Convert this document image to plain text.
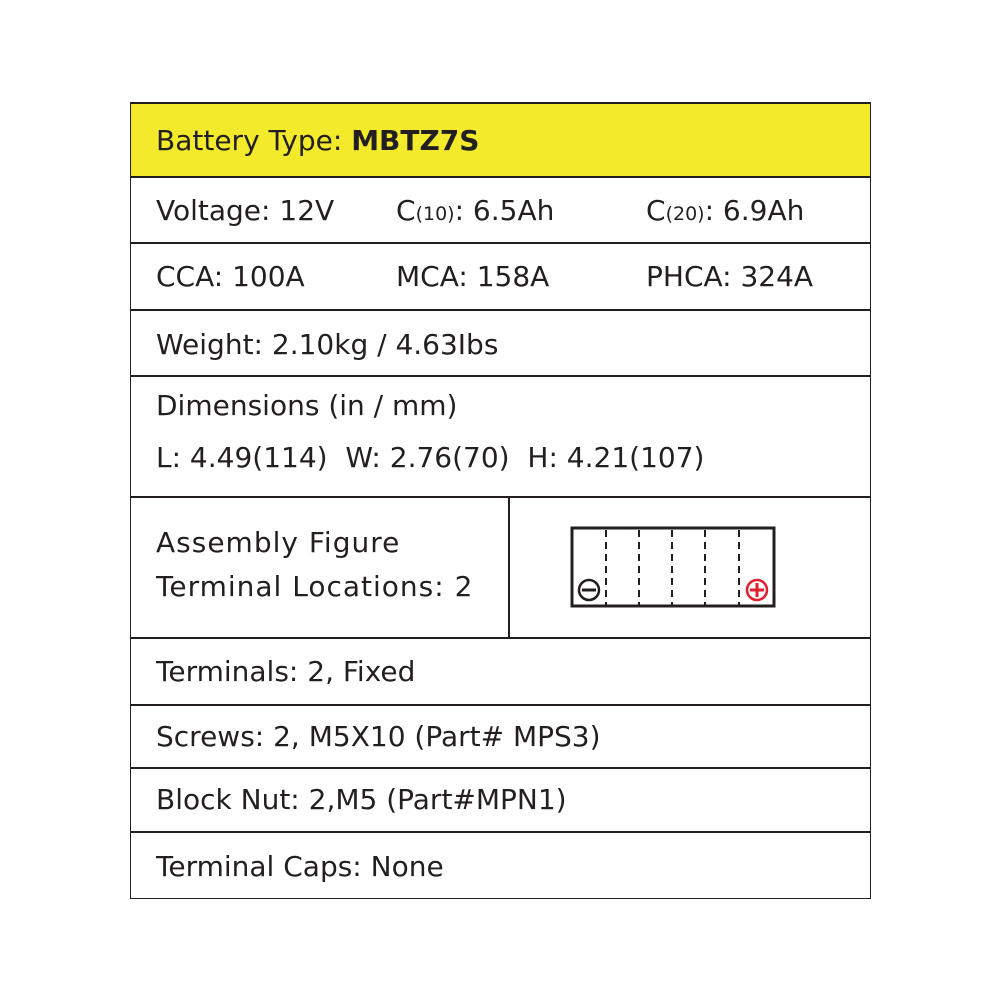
Battery Type: MBTZ7S
Voltage: 12V C(10): 6.5Ah	C(20): 6.9Ah
CCA: 100A	MCA: 158A	PHCA: 324A
Weight: 2.10kg / 4.63Ibs
Dimensions (in / mm)
L: 4.49(114) W: 2.76(70) H: 4.21(107)
Assembly Figure
Terminal Locations: 2
Terminals: 2, Fixed
Screws: 2, M5X10 (Part# MPS3)
Block Nut: 2,M5 (Part#MPN1)
Terminal Caps: None
